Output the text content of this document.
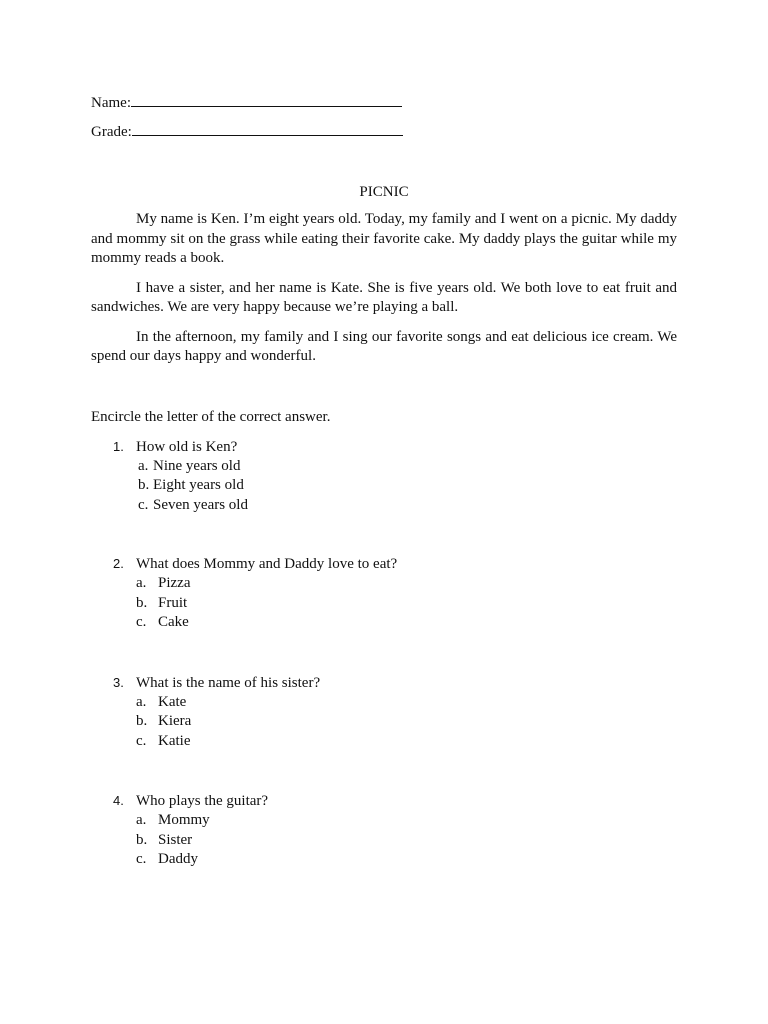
Name:
Grade:
PICNIC

My name is Ken. I’m eight years old. Today, my family and I went on a picnic. My daddy and mommy sit on the grass while eating their favorite cake. My daddy plays the guitar while my mommy reads a book.

I have a sister, and her name is Kate. She is five years old. We both love to eat fruit and sandwiches. We are very happy because we’re playing a ball.

In the afternoon, my family and I sing our favorite songs and eat delicious ice cream. We spend our days happy and wonderful.

Encircle the letter of the correct answer.
1. How old is Ken?
a. Nine years old
b. Eight years old
c. Seven years old
2. What does Mommy and Daddy love to eat?
a. Pizza
b. Fruit
c. Cake
3. What is the name of his sister?
a. Kate
b. Kiera
c. Katie
4. Who plays the guitar?
a. Mommy
b. Sister
c. Daddy
